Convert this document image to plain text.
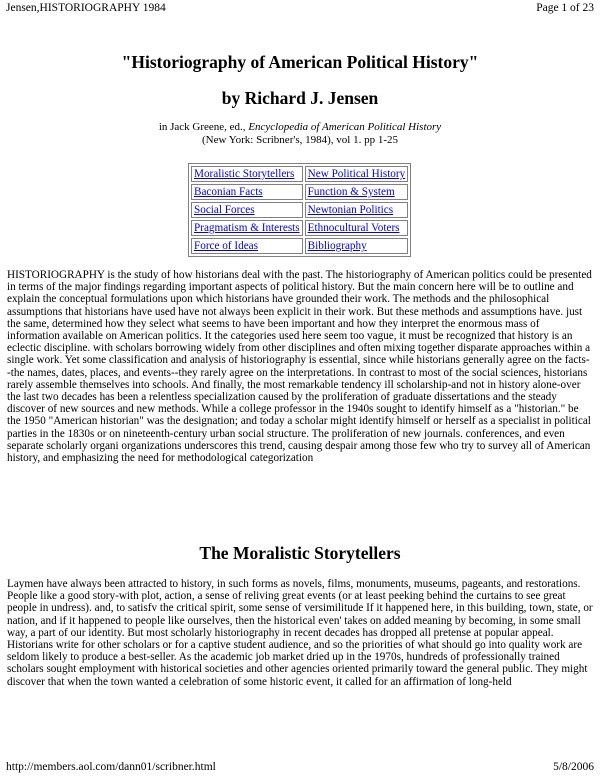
Jensen,HISTORIOGRAPHY 1984	Page 1 of 23
"Historiography of American Political History"
by Richard J. Jensen
in Jack Greene, ed., Encyclopedia of American Political History
(New York: Scribner's, 1984), vol 1. pp 1-25
Moralistic Storytellers	New Political History
Baconian Facts	Function & System
Social Forces	Newtonian Politics
Pragmatism & Interests	Ethnocultural Voters
Force of Ideas	Bibliography
HISTORIOGRAPHY is the study of how historians deal with the past. The historiography of American politics could be presented in terms of the major findings regarding important aspects of political history. But the main concern here will be to outline and explain the conceptual formulations upon which historians have grounded their work. The methods and the philosophical assumptions that historians have used have not always been explicit in their work. But these methods and assumptions have. just the same, determined how they select what seems to have been important and how they interpret the enormous mass of information available on American politics. It the categories used here seem too vague, it must be recognized that history is an eclectic discipline. with scholars borrowing widely from other disciplines and often mixing together disparate approaches within a single work. Yet some classification and analysis of historiography is essential, since while historians generally agree on the facts--the names, dates, places, and events--they rarely agree on the interpretations. In contrast to most of the social sciences, historians rarely assemble themselves into schools. And finally, the most remarkable tendency ill scholarship-and not in history alone-over the last two decades has been a relentless specialization caused by the proliferation of graduate dissertations and the steady discover of new sources and new methods. While a college professor in the 1940s sought to identify himself as a "historian." be the 1950 "American historian" was the designation; and today a scholar might identify himself or herself as a specialist in political parties in the 1830s or on nineteenth-century urban social structure. The proliferation of new journals. conferences, and even separate scholarly organi organizations underscores this trend, causing despair among those few who try to survey all of American history, and emphasizing the need for methodological categorization
The Moralistic Storytellers
Laymen have always been attracted to history, in such forms as novels, films, monuments, museums, pageants, and restorations. People like a good story-with plot, action, a sense of reliving great events (or at least peeking behind the curtains to see great people in undress). and, to satisfv the critical spirit, some sense of versimilitude If it happened here, in this building, town, state, or nation, and if it happened to people like ourselves, then the historical even' takes on added meaning by becoming, in some small way, a part of our identity. But most scholarly historiography in recent decades has dropped all pretense at popular appeal. Historians write for other scholars or for a captive student audience, and so the priorities of what should go into quality work are seldom likely to produce a best-seller. As the academic job market dried up in the 1970s, hundreds of professionally trained scholars sought employment with historical societies and other agencies oriented primarily toward the general public. They might discover that when the town wanted a celebration of some historic event, it called for an affirmation of long-held
http://members.aol.com/dann01/scribner.html	5/8/2006
